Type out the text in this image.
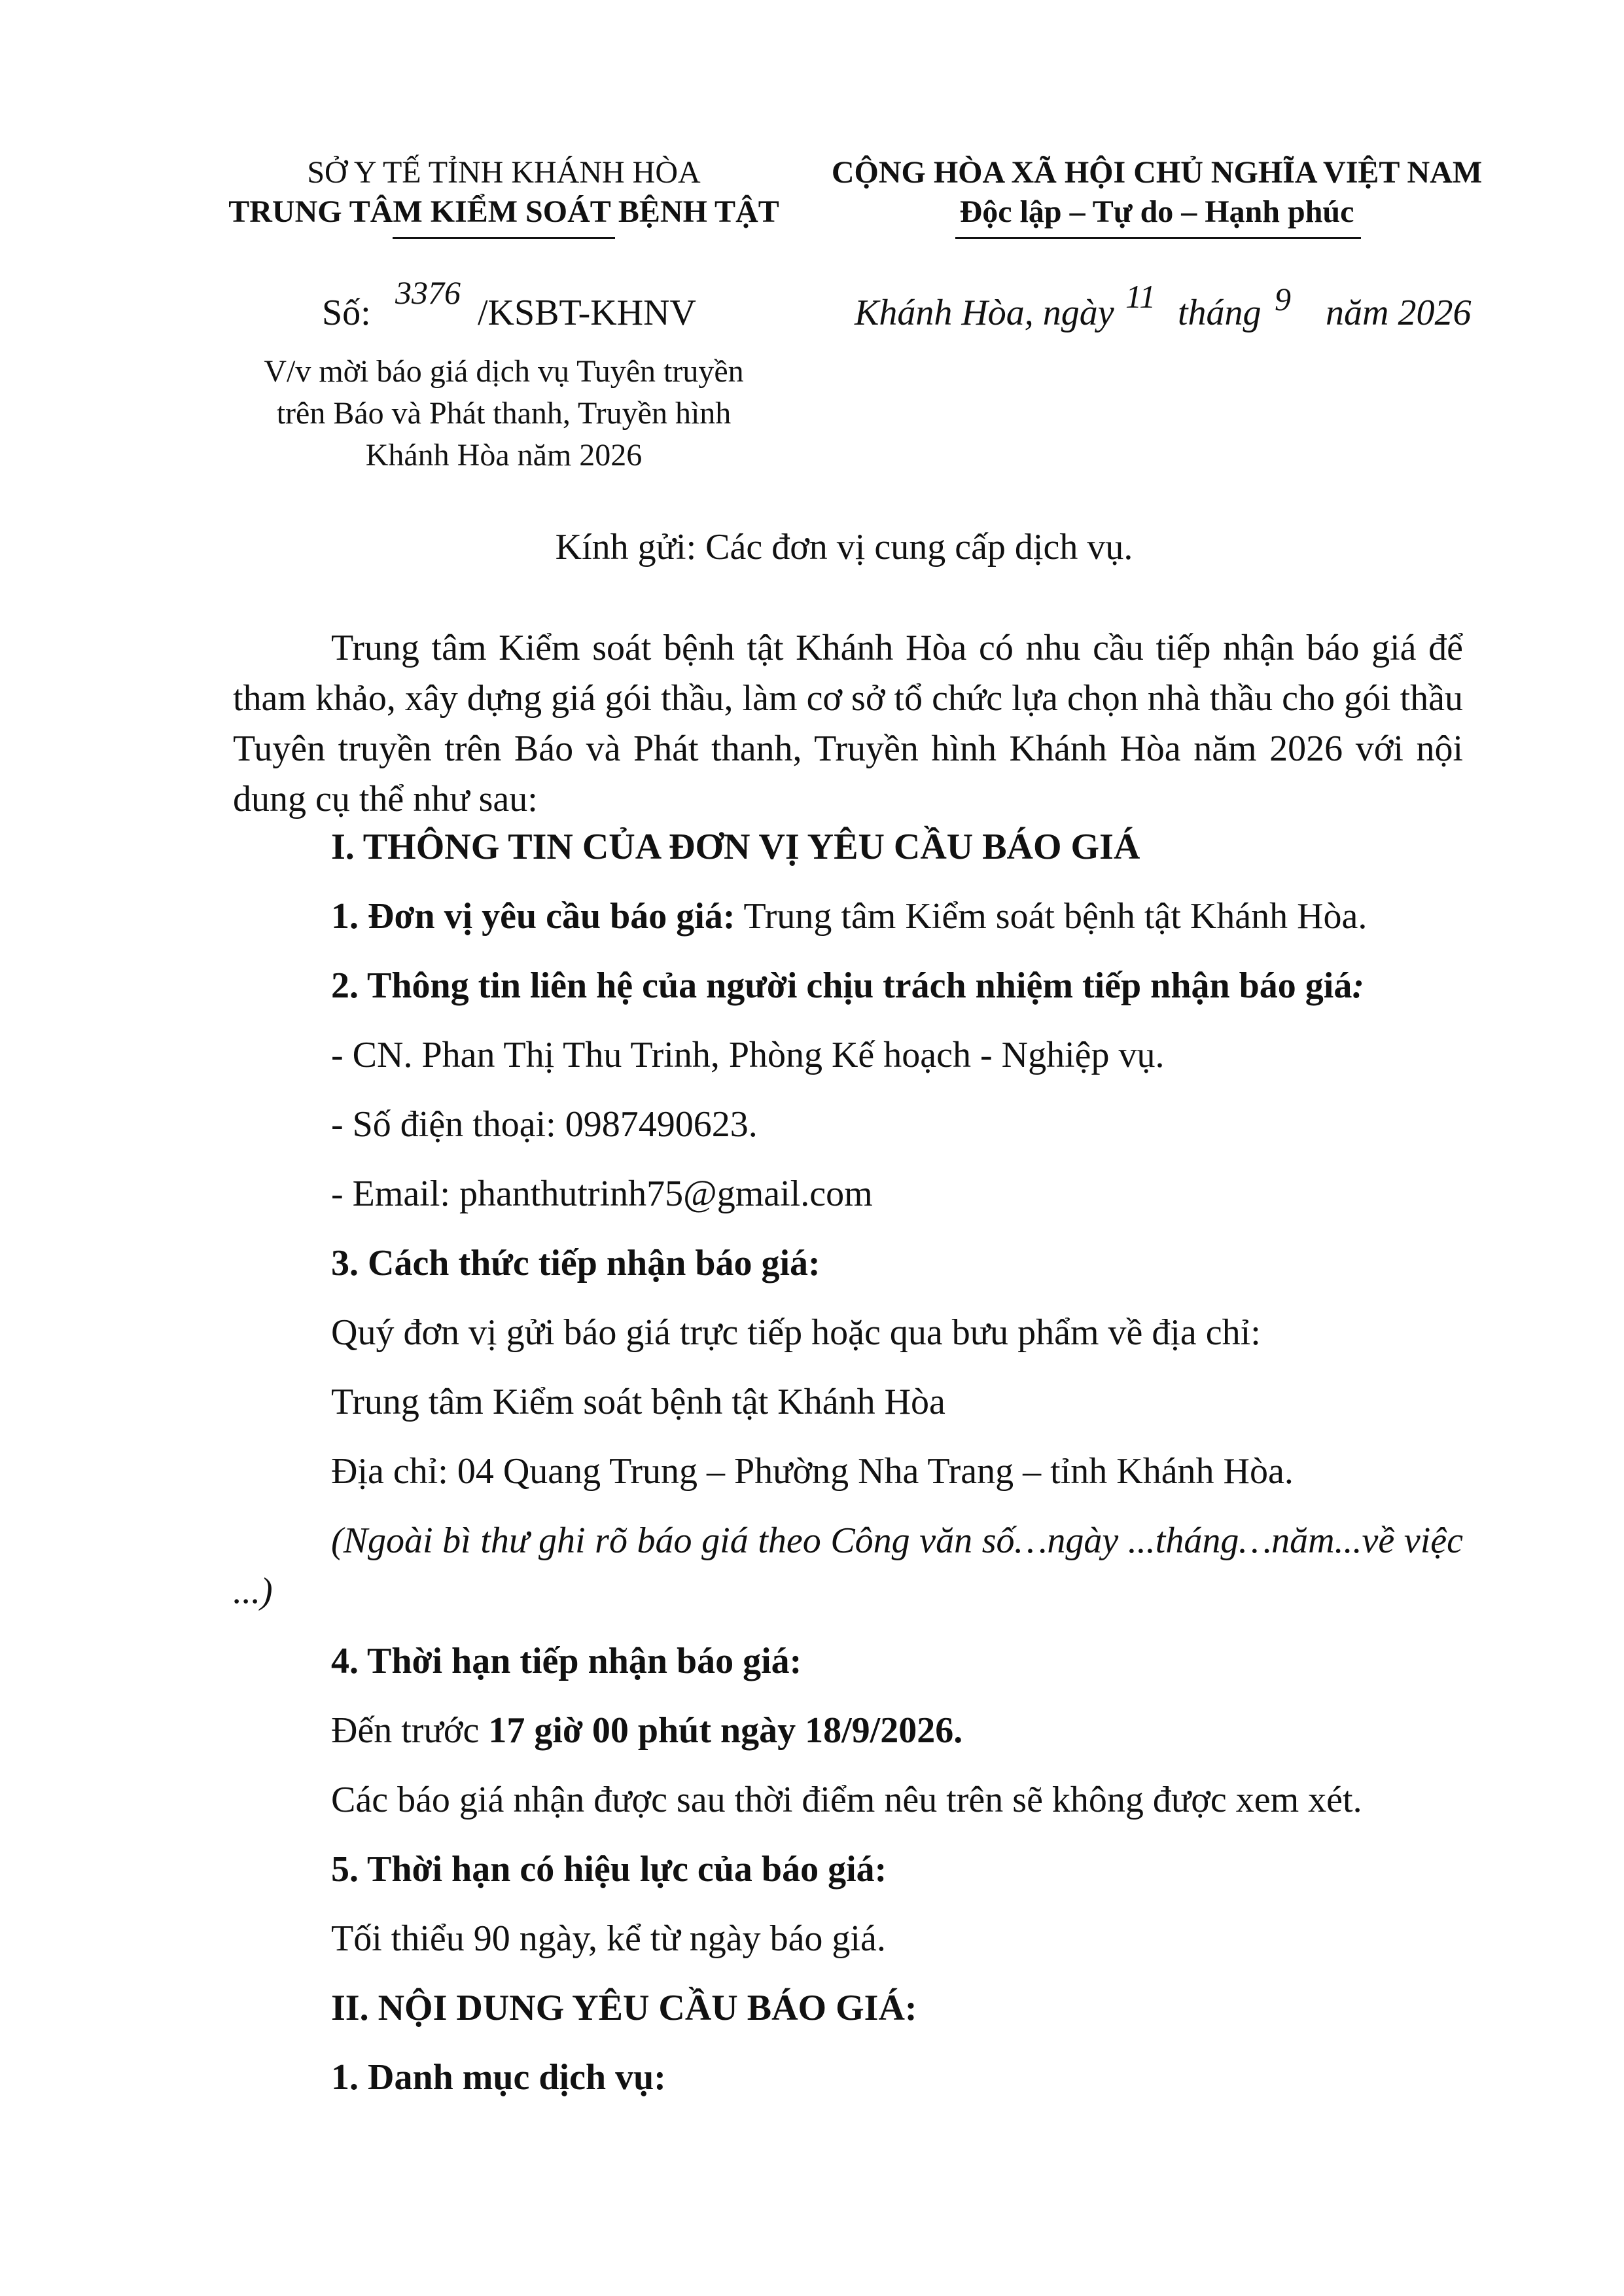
SỞ Y TẾ TỈNH KHÁNH HÒA
TRUNG TÂM KIỂM SOÁT BỆNH TẬT
CỘNG HÒA XÃ HỘI CHỦ NGHĨA VIỆT NAM
Độc lập – Tự do – Hạnh phúc
Số: 3376 /KSBT-KHNV	Khánh Hòa, ngày 11 tháng 9 năm 2026
V/v mời báo giá dịch vụ Tuyên truyền
trên Báo và Phát thanh, Truyền hình
Khánh Hòa năm 2026
Kính gửi: Các đơn vị cung cấp dịch vụ.
Trung tâm Kiểm soát bệnh tật Khánh Hòa có nhu cầu tiếp nhận báo giá để tham khảo, xây dựng giá gói thầu, làm cơ sở tổ chức lựa chọn nhà thầu cho gói thầu Tuyên truyền trên Báo và Phát thanh, Truyền hình Khánh Hòa năm 2026 với nội dung cụ thể như sau:
I. THÔNG TIN CỦA ĐƠN VỊ YÊU CẦU BÁO GIÁ
1. Đơn vị yêu cầu báo giá: Trung tâm Kiểm soát bệnh tật Khánh Hòa.
2. Thông tin liên hệ của người chịu trách nhiệm tiếp nhận báo giá:
- CN. Phan Thị Thu Trinh, Phòng Kế hoạch - Nghiệp vụ.
- Số điện thoại: 0987490623.
- Email: phanthutrinh75@gmail.com
3. Cách thức tiếp nhận báo giá:
Quý đơn vị gửi báo giá trực tiếp hoặc qua bưu phẩm về địa chỉ:
Trung tâm Kiểm soát bệnh tật Khánh Hòa
Địa chỉ: 04 Quang Trung – Phường Nha Trang – tỉnh Khánh Hòa.
(Ngoài bì thư ghi rõ báo giá theo Công văn số…ngày ...tháng…năm...về việc ...)
4. Thời hạn tiếp nhận báo giá:
Đến trước 17 giờ 00 phút ngày 18/9/2026.
Các báo giá nhận được sau thời điểm nêu trên sẽ không được xem xét.
5. Thời hạn có hiệu lực của báo giá:
Tối thiểu 90 ngày, kể từ ngày báo giá.
II. NỘI DUNG YÊU CẦU BÁO GIÁ:
1. Danh mục dịch vụ:
